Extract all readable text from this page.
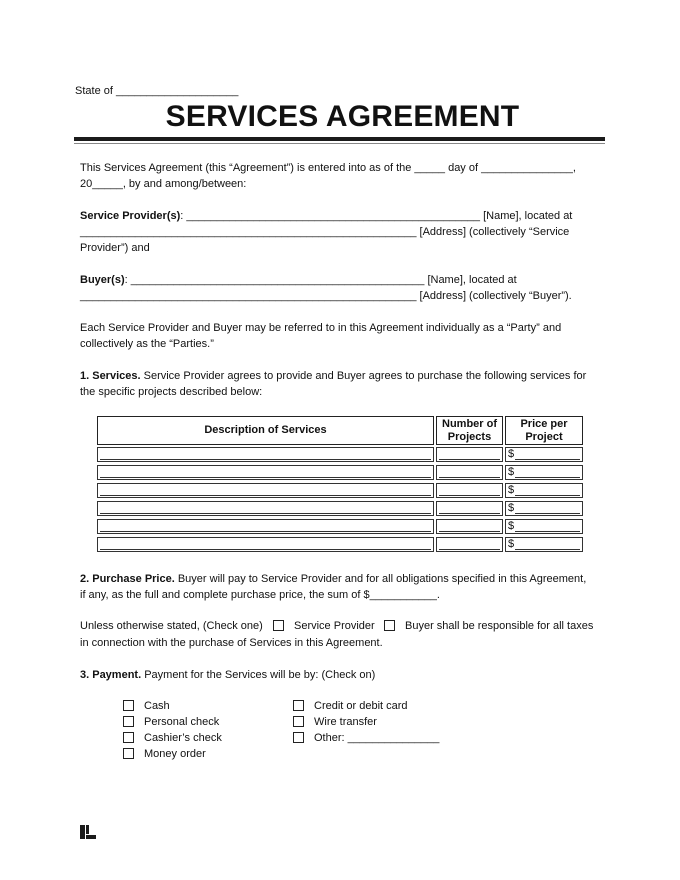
State of ____________________
SERVICES AGREEMENT
This Services Agreement (this “Agreement”) is entered into as of the _____ day of _______________,
20_____, by and among/between:
Service Provider(s): ________________________________________________ [Name], located at
_______________________________________________________ [Address] (collectively “Service
Provider”) and
Buyer(s): ________________________________________________ [Name], located at
_______________________________________________________ [Address] (collectively “Buyer”).
Each Service Provider and Buyer may be referred to in this Agreement individually as a “Party” and
collectively as the “Parties.”
1. Services. Service Provider agrees to provide and Buyer agrees to purchase the following services for
the specific projects described below:
Description of Services
Number of
Projects
Price per
Project
$
$
$
$
$
$
2. Purchase Price. Buyer will pay to Service Provider and for all obligations specified in this Agreement,
if any, as the full and complete purchase price, the sum of $___________.
Unless otherwise stated, (Check one)	Service Provider	Buyer shall be responsible for all taxes
in connection with the purchase of Services in this Agreement.
3. Payment. Payment for the Services will be by: (Check on)
Cash
Personal check
Cashier’s check
Money order
Credit or debit card
Wire transfer
Other: _______________
